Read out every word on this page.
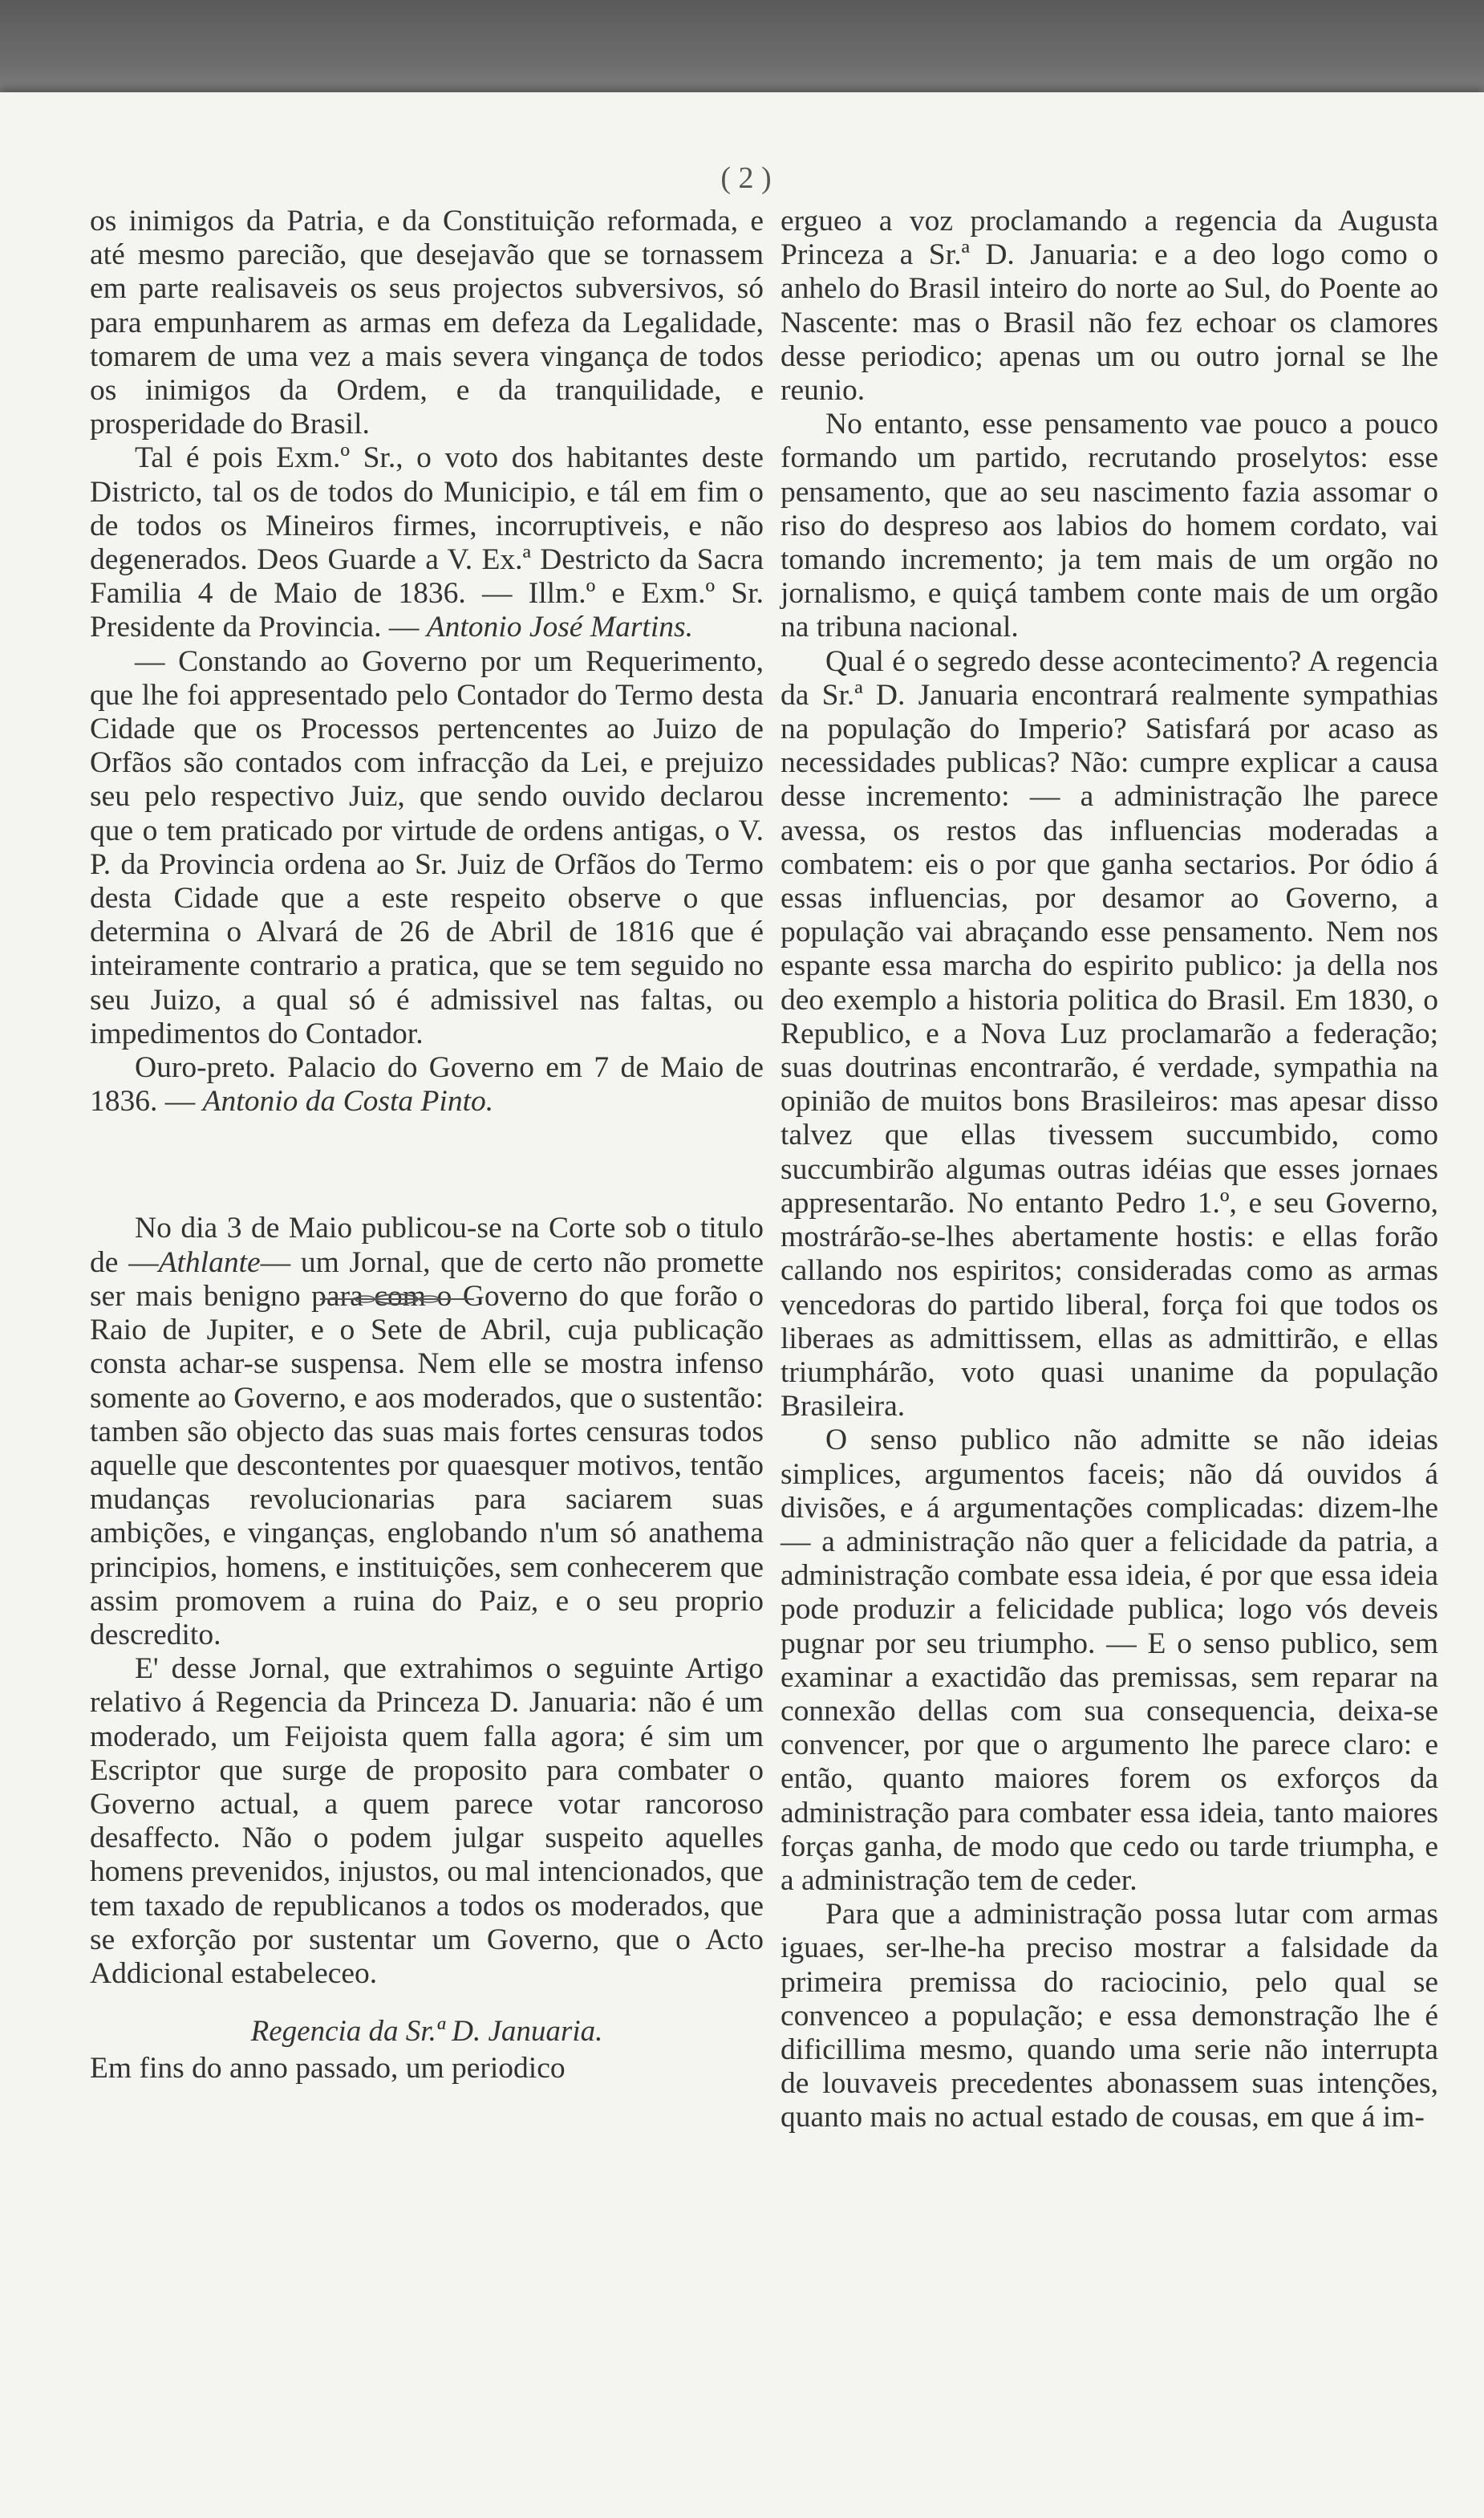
( 2 )

os inimigos da Patria, e da Constituição reformada, e até mesmo parecião, que desejavão que se tornassem em parte realisaveis os seus projectos subversivos, só para empunharem as armas em defeza da Legalidade, tomarem de uma vez a mais severa vingança de todos os inimigos da Ordem, e da tranquilidade, e prosperidade do Brasil.

Tal é pois Exm.º Sr., o voto dos habitantes deste Districto, tal os de todos do Municipio, e tál em fim o de todos os Mineiros firmes, incorruptiveis, e não degenerados. Deos Guarde a V. Ex.ª Destricto da Sacra Familia 4 de Maio de 1836. — Illm.º e Exm.º Sr. Presidente da Provincia. — Antonio José Martins.

— Constando ao Governo por um Requerimento, que lhe foi appresentado pelo Contador do Termo desta Cidade que os Processos pertencentes ao Juizo de Orfãos são contados com infracção da Lei, e prejuizo seu pelo respectivo Juiz, que sendo ouvido declarou que o tem praticado por virtude de ordens antigas, o V. P. da Provincia ordena ao Sr. Juiz de Orfãos do Termo desta Cidade que a este respeito observe o que determina o Alvará de 26 de Abril de 1816 que é inteiramente contrario a pratica, que se tem seguido no seu Juizo, a qual só é admissivel nas faltas, ou impedimentos do Contador.

Ouro-preto. Palacio do Governo em 7 de Maio de 1836. — Antonio da Costa Pinto.

No dia 3 de Maio publicou-se na Corte sob o titulo de —Athlante— um Jornal, que de certo não promette ser mais benigno para com o Governo do que forão o Raio de Jupiter, e o Sete de Abril, cuja publicação consta achar-se suspensa. Nem elle se mostra infenso somente ao Governo, e aos moderados, que o sustentão: tamben são objecto das suas mais fortes censuras todos aquelle que descontentes por quaesquer motivos, tentão mudanças revolucionarias para saciarem suas ambições, e vinganças, englobando n'um só anathema principios, homens, e instituições, sem conhecerem que assim promovem a ruina do Paiz, e o seu proprio descredito.

E' desse Jornal, que extrahimos o seguinte Artigo relativo á Regencia da Princeza D. Januaria: não é um moderado, um Feijoista quem falla agora; é sim um Escriptor que surge de proposito para combater o Governo actual, a quem parece votar rancoroso desaffecto. Não o podem julgar suspeito aquelles homens prevenidos, injustos, ou mal intencionados, que tem taxado de republicanos a todos os moderados, que se exforção por sustentar um Governo, que o Acto Addicional estabeleceo.

Regencia da Sr.ª D. Januaria.

Em fins do anno passado, um periodico

ergueo a voz proclamando a regencia da Augusta Princeza a Sr.ª D. Januaria: e a deo logo como o anhelo do Brasil inteiro do norte ao Sul, do Poente ao Nascente: mas o Brasil não fez echoar os clamores desse periodico; apenas um ou outro jornal se lhe reunio.

No entanto, esse pensamento vae pouco a pouco formando um partido, recrutando proselytos: esse pensamento, que ao seu nascimento fazia assomar o riso do despreso aos labios do homem cordato, vai tomando incremento; ja tem mais de um orgão no jornalismo, e quiçá tambem conte mais de um orgão na tribuna nacional.

Qual é o segredo desse acontecimento? A regencia da Sr.ª D. Januaria encontrará realmente sympathias na população do Imperio? Satisfará por acaso as necessidades publicas? Não: cumpre explicar a causa desse incremento: — a administração lhe parece avessa, os restos das influencias moderadas a combatem: eis o por que ganha sectarios. Por ódio á essas influencias, por desamor ao Governo, a população vai abraçando esse pensamento. Nem nos espante essa marcha do espirito publico: ja della nos deo exemplo a historia politica do Brasil. Em 1830, o Republico, e a Nova Luz proclamarão a federação; suas doutrinas encontrarão, é verdade, sympathia na opinião de muitos bons Brasileiros: mas apesar disso talvez que ellas tivessem succumbido, como succumbirão algumas outras idéias que esses jornaes appresentarão. No entanto Pedro 1.º, e seu Governo, mostrárão-se-lhes abertamente hostis: e ellas forão callando nos espiritos; consideradas como as armas vencedoras do partido liberal, força foi que todos os liberaes as admittissem, ellas as admittirão, e ellas triumphárão, voto quasi unanime da população Brasileira.

O senso publico não admitte se não ideias simplices, argumentos faceis; não dá ouvidos á divisões, e á argumentações complicadas: dizem-lhe — a administração não quer a felicidade da patria, a administração combate essa ideia, é por que essa ideia pode produzir a felicidade publica; logo vós deveis pugnar por seu triumpho. — E o senso publico, sem examinar a exactidão das premissas, sem reparar na connexão dellas com sua consequencia, deixa-se convencer, por que o argumento lhe parece claro: e então, quanto maiores forem os exforços da administração para combater essa ideia, tanto maiores forças ganha, de modo que cedo ou tarde triumpha, e a administração tem de ceder.

Para que a administração possa lutar com armas iguaes, ser-lhe-ha preciso mostrar a falsidade da primeira premissa do raciocinio, pelo qual se convenceo a população; e essa demonstração lhe é dificillima mesmo, quando uma serie não interrupta de louvaveis precedentes abonassem suas intenções, quanto mais no actual estado de cousas, em que á im-
